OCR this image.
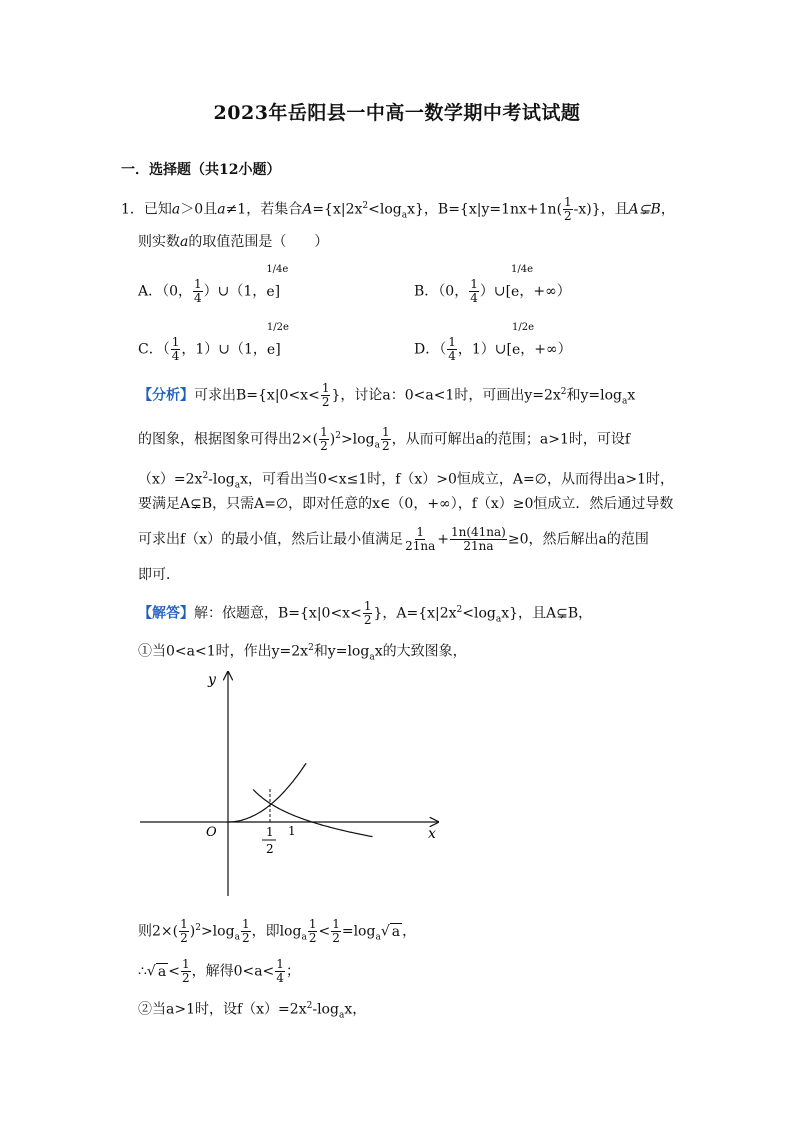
2023年岳阳县一中高一数学期中考试试题
一．选择题（共12小题）
1．已知a＞0且a≠1，若集合$A=\{x|2x^2<\log_ax\}$，$B=\{x|y=1nx+1n( \frac{1}{2} -x)\}$，且A⊊B，
则实数a的取值范围是（　　）
A．（0， $\frac{1}{4}$ ）∪（1，e
1/4e
]	B．（0， $\frac{1}{4}$ ）∪[e
1/4e
，+∞）
C．（ $\frac{1}{4}$ ，1）∪（1，e
1/2e
]	D．（ $\frac{1}{4}$ ，1）∪[e
1/2e
，+∞）
【分析】可求出$B=\{x|0<x< \frac{1}{2}$ }，讨论a：0<a<1时，可画出$y=2x^2$和$y=\log_ax$
的图象，根据图象可得出$2\times( \frac{1}{2} )^2>\log_a \frac{1}{2}$ ，从而可解出a的范围；a>1时，可设f
$(x)=2x^2-\log_ax$，可看出当0<x≤1时，f（x）>0恒成立，A=∅，从而得出a>1时，
要满足A⊊B，只需A=∅，即对任意的x∈（0，+∞），f（x）≥0恒成立．然后通过导数
可求出f（x）的最小值，然后让最小值满足 $\frac{1}{21na} + \frac{1n(41na)}{21na} \ge 0$，然后解出a的范围
即可．
【解答】解：依题意，$B=\{x|0<x< \frac{1}{2}$ }，$A=\{x|2x^2<\log_ax\}$，且A⊊B，
①当0<a<1时，作出$y=2x^2$和$y=\log_ax$的大致图象，
y
x
O	1
2
1
则$2\times( \frac{1}{2} )^2>\log_a \frac{1}{2}$ ，即$\log_a \frac{1}{2} < \frac{1}{2} =\log_a√$ a ，
∴√ $a < \frac{1}{2}$ ，解得$0<a< \frac{1}{4}$ ；
②当a>1时，设$f(x)=2x^2-\log_ax$，
